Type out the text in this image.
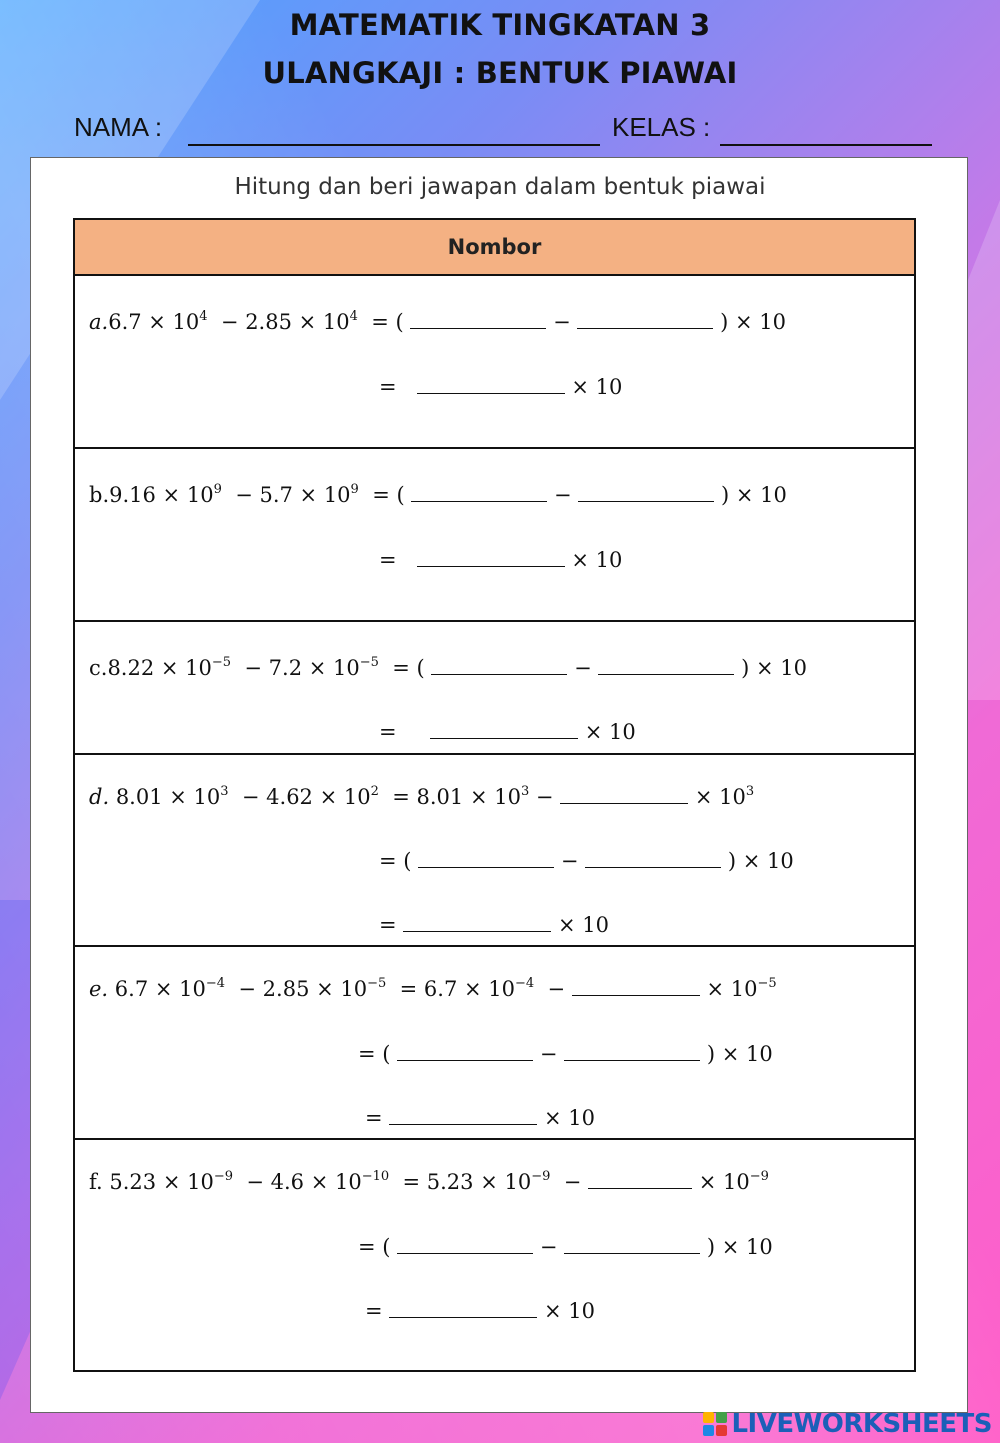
MATEMATIK TINGKATAN 3
ULANGKAJI : BENTUK PIAWAI
NAMA :	KELAS :
Hitung dan beri jawapan dalam bentuk piawai
Nombor

$a.6.7 \times 10^4 - 2.85 \times 10^4$ = (	−	) × 10
=	× 10

$b.9.16 \times 10^9 - 5.7 \times 10^9$ = (	−	) × 10
=	× 10

$c.8.22 \times 10^{-5} - 7.2 \times 10^{-5}$ = (	−	) × 10
=	× 10

d. $8.01 \times 10^3 - 4.62 \times 10^2 = 8.01 \times 10^3$ −	× $10^3$
= (	−	) × 10
=	× 10

e. $6.7 \times 10^{-4} - 2.85 \times 10^{-5} = 6.7 \times 10^{-4}$ −	× $10^{-5}$
= (	−	) × 10
=	× 10

f. $5.23 \times 10^{-9} - 4.6 \times 10^{-10} = 5.23 \times 10^{-9}$ −	× $10^{-9}$
= (	−	) × 10
=	× 10
LIVEWORKSHEETS
